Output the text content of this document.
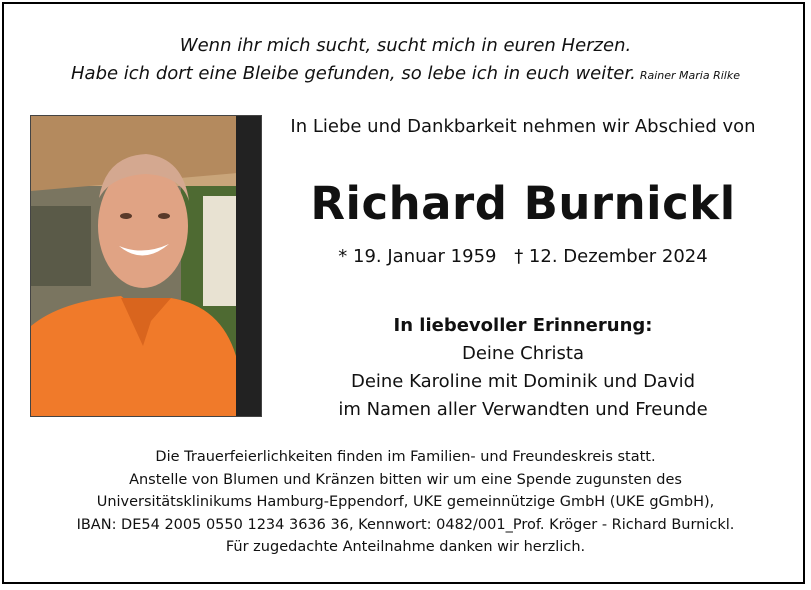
Wenn ihr mich sucht, sucht mich in euren Herzen.
Habe ich dort eine Bleibe gefunden, so lebe ich in euch weiter. Rainer Maria Rilke
In Liebe und Dankbarkeit nehmen wir Abschied von
Richard Burnickl
* 19. Januar 1959 † 12. Dezember 2024
In liebevoller Erinnerung:
Deine Christa
Deine Karoline mit Dominik und David
im Namen aller Verwandten und Freunde
Die Trauerfeierlichkeiten finden im Familien- und Freundeskreis statt.
Anstelle von Blumen und Kränzen bitten wir um eine Spende zugunsten des
Universitätsklinikums Hamburg-Eppendorf, UKE gemeinnützige GmbH (UKE gGmbH),
IBAN: DE54 2005 0550 1234 3636 36, Kennwort: 0482/001_Prof. Kröger - Richard Burnickl.
Für zugedachte Anteilnahme danken wir herzlich.
